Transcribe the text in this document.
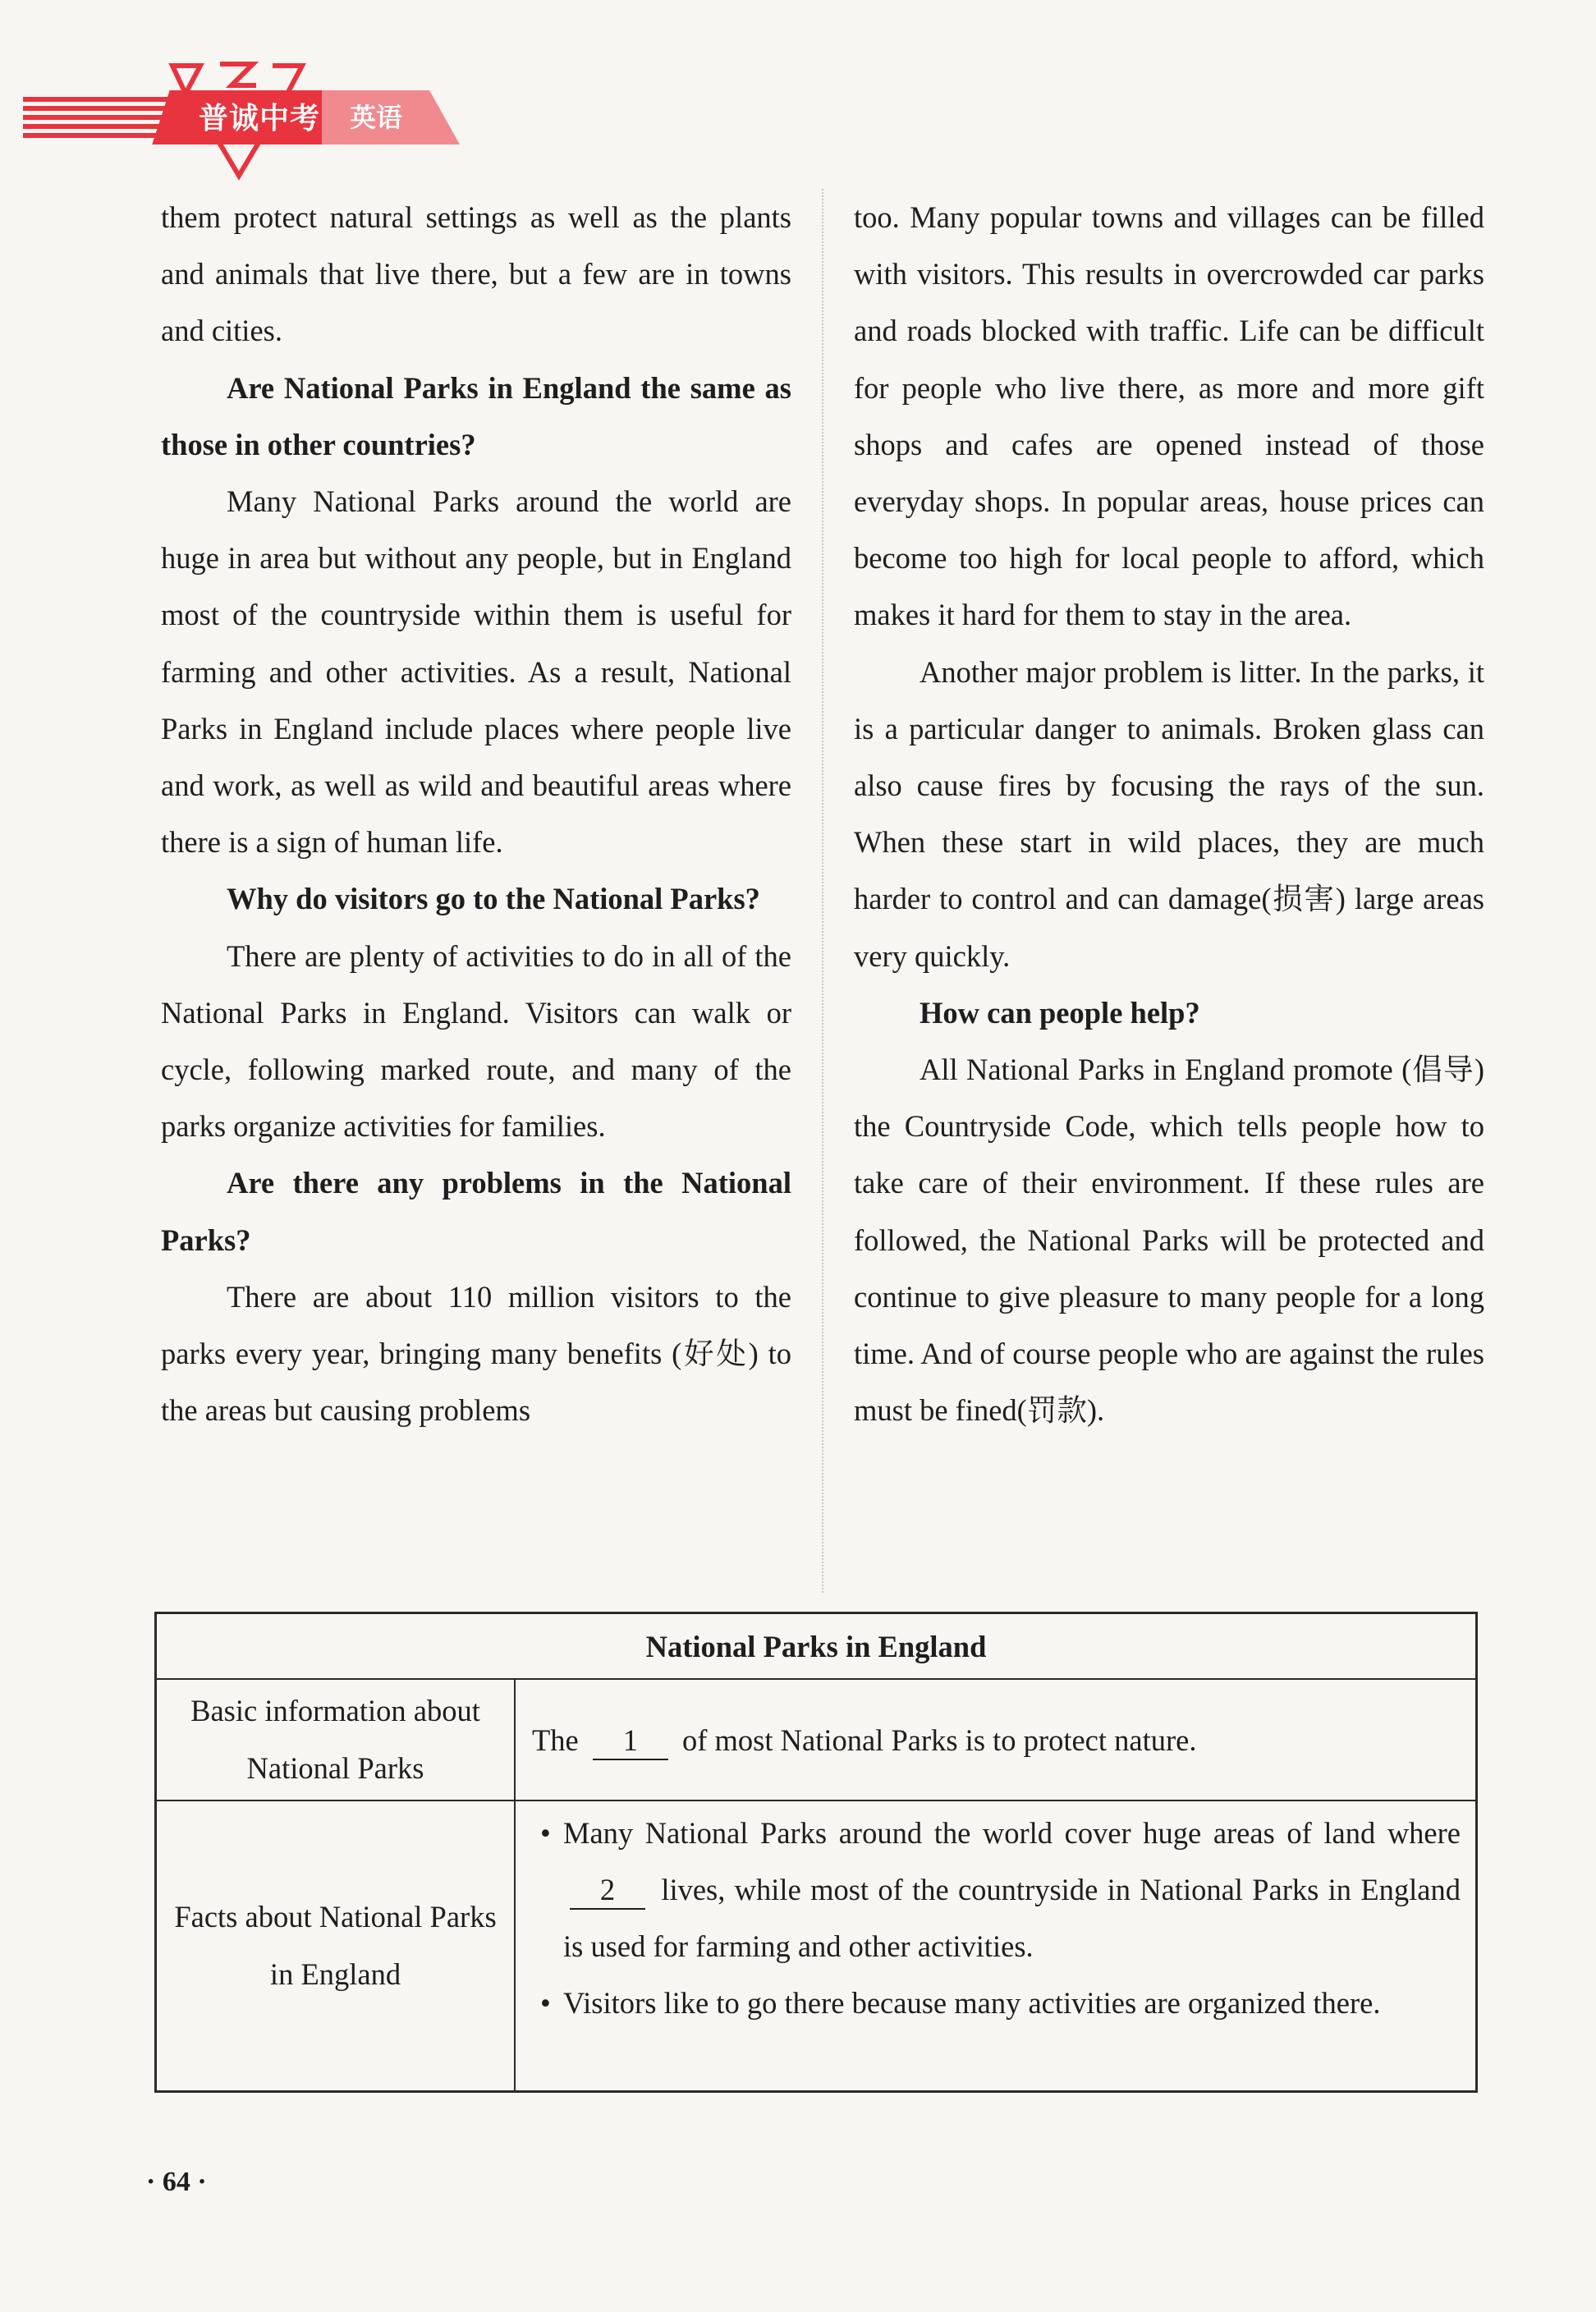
普诚中考	英语

them protect natural settings as well as the plants and animals that live there, but a few are in towns and cities.

Are National Parks in England the same as those in other countries?

Many National Parks around the world are huge in area but without any people, but in England most of the countryside within them is useful for farming and other activities. As a result, National Parks in England include places where people live and work, as well as wild and beautiful areas where there is a sign of human life.

Why do visitors go to the National Parks?

There are plenty of activities to do in all of the National Parks in England. Visitors can walk or cycle, following marked route, and many of the parks organize activities for families.

Are there any problems in the National Parks?

There are about 110 million visitors to the parks every year, bringing many benefits (好处) to the areas but causing problems

too. Many popular towns and villages can be filled with visitors. This results in overcrowded car parks and roads blocked with traffic. Life can be difficult for people who live there, as more and more gift shops and cafes are opened instead of those everyday shops. In popular areas, house prices can become too high for local people to afford, which makes it hard for them to stay in the area.

Another major problem is litter. In the parks, it is a particular danger to animals. Broken glass can also cause fires by focusing the rays of the sun. When these start in wild places, they are much harder to control and can damage(损害) large areas very quickly.

How can people help?

All National Parks in England promote (倡导) the Countryside Code, which tells people how to take care of their environment. If these rules are followed, the National Parks will be protected and continue to give pleasure to many people for a long time. And of course people who are against the rules must be fined(罚款).

National Parks in England
Basic information about National Parks
The 1 of most National Parks is to protect nature.
Facts about National Parks in England

• Many National Parks around the world cover huge areas of land where 2 lives, while most of the countryside in National Parks in England is used for farming and other activities.

• Visitors like to go there because many activities are organized there.

· 64 ·
